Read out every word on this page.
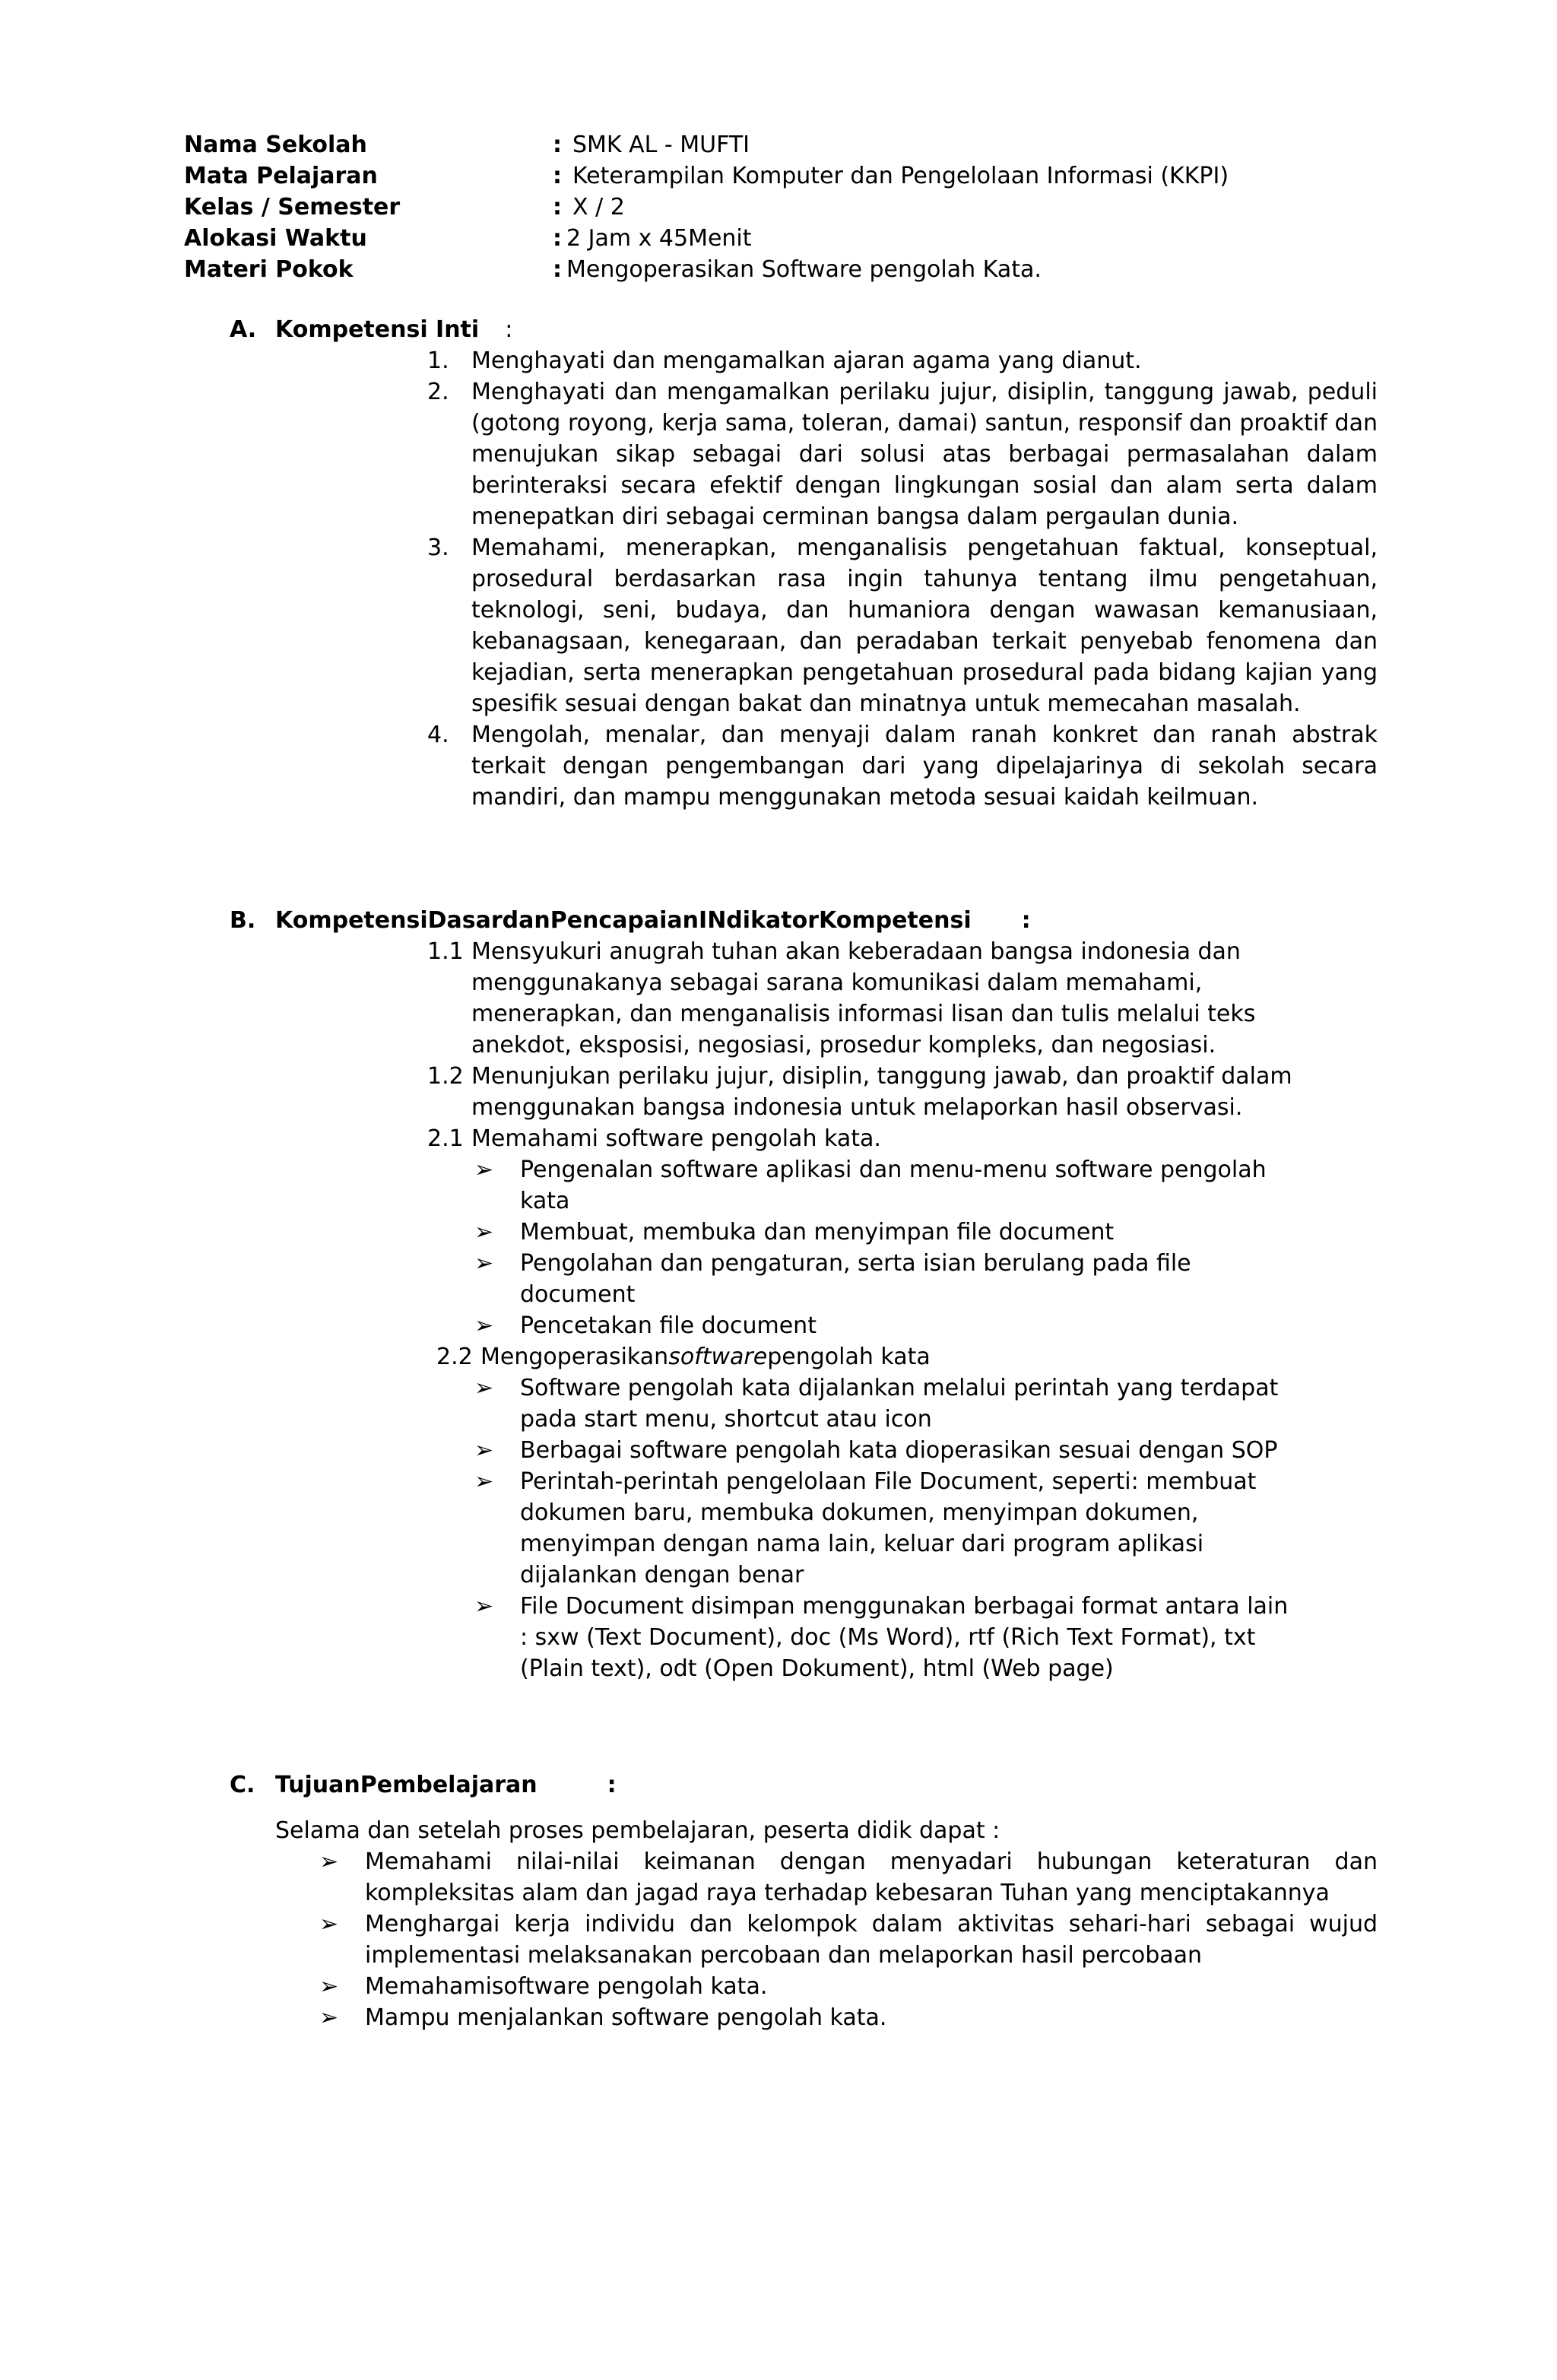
Nama Sekolah	: SMK AL - MUFTI
Mata Pelajaran	: Keterampilan Komputer dan Pengelolaan Informasi (KKPI)
Kelas / Semester	: X / 2
Alokasi Waktu	: 2 Jam x 45Menit
Materi Pokok	: Mengoperasikan Software pengolah Kata.
A. Kompetensi Inti :
1. Menghayati dan mengamalkan ajaran agama yang dianut.
2. Menghayati dan mengamalkan perilaku jujur, disiplin, tanggung jawab, peduli (gotong royong, kerja sama, toleran, damai) santun, responsif dan proaktif dan menujukan sikap sebagai dari solusi atas berbagai permasalahan dalam berinteraksi secara efektif dengan lingkungan sosial dan alam serta dalam menepatkan diri sebagai cerminan bangsa dalam pergaulan dunia.
3. Memahami, menerapkan, menganalisis pengetahuan faktual, konseptual, prosedural berdasarkan rasa ingin tahunya tentang ilmu pengetahuan, teknologi, seni, budaya, dan humaniora dengan wawasan kemanusiaan, kebanagsaan, kenegaraan, dan peradaban terkait penyebab fenomena dan kejadian, serta menerapkan pengetahuan prosedural pada bidang kajian yang spesifik sesuai dengan bakat dan minatnya untuk memecahan masalah.
4. Mengolah, menalar, dan menyaji dalam ranah konkret dan ranah abstrak terkait dengan pengembangan dari yang dipelajarinya di sekolah secara mandiri, dan mampu menggunakan metoda sesuai kaidah keilmuan.
B. KompetensiDasardanPencapaianINdikatorKompetensi :
1.1 Mensyukuri anugrah tuhan akan keberadaan bangsa indonesia dan menggunakanya sebagai sarana komunikasi dalam memahami, menerapkan, dan menganalisis informasi lisan dan tulis melalui teks anekdot, eksposisi, negosiasi, prosedur kompleks, dan negosiasi.
1.2 Menunjukan perilaku jujur, disiplin, tanggung jawab, dan proaktif dalam menggunakan bangsa indonesia untuk melaporkan hasil observasi.
2.1 Memahami software pengolah kata.
➢	Pengenalan software aplikasi dan menu-menu software pengolah kata
➢	Membuat, membuka dan menyimpan file document
➢	Pengolahan dan pengaturan, serta isian berulang pada file document
➢	Pencetakan file document
2.2 Mengoperasikansoftwarepengolah kata
➢	Software pengolah kata dijalankan melalui perintah yang terdapat pada start menu, shortcut atau icon
➢	Berbagai software pengolah kata dioperasikan sesuai dengan SOP
➢	Perintah-perintah pengelolaan File Document, seperti: membuat dokumen baru, membuka dokumen, menyimpan dokumen, menyimpan dengan nama lain, keluar dari program aplikasi dijalankan dengan benar
➢	File Document disimpan menggunakan berbagai format antara lain : sxw (Text Document), doc (Ms Word), rtf (Rich Text Format), txt (Plain text), odt (Open Dokument), html (Web page)
C. TujuanPembelajaran	:
Selama dan setelah proses pembelajaran, peserta didik dapat :
➢	Memahami nilai-nilai keimanan dengan menyadari hubungan keteraturan dan kompleksitas alam dan jagad raya terhadap kebesaran Tuhan yang menciptakannya
➢	Menghargai kerja individu dan kelompok dalam aktivitas sehari-hari sebagai wujud implementasi melaksanakan percobaan dan melaporkan hasil percobaan
➢	Memahamisoftware pengolah kata.
➢	Mampu menjalankan software pengolah kata.
